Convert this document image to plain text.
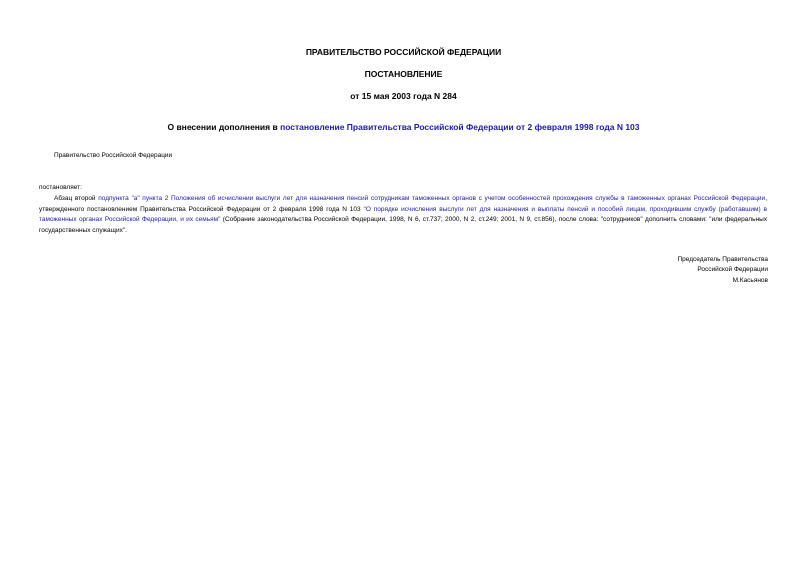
ПРАВИТЕЛЬСТВО РОССИЙСКОЙ ФЕДЕРАЦИИ
ПОСТАНОВЛЕНИЕ
от 15 мая 2003 года N 284
О внесении дополнения в постановление Правительства Российской Федерации от 2 февраля 1998 года N 103
Правительство Российской Федерации
постановляет:
Абзац второй подпункта "а" пункта 2 Положения об исчислении выслуги лет для назначения пенсий сотрудникам таможенных органов с учетом особенностей прохождения службы в таможенных органах Российской Федерации, утвержденного постановлением Правительства Российской Федерации от 2 февраля 1998 года N 103 "О порядке исчисления выслуги лет для назначения и выплаты пенсий и пособий лицам, проходившим службу (работавшим) в таможенных органах Российской Федерации, и их семьям" (Собрание законодательства Российской Федерации, 1998, N 6, ст.737; 2000, N 2, ст.249; 2001, N 9, ст.856), после слова: "сотрудников" дополнить словами: "или федеральных государственных служащих".
Председатель Правительства
Российской Федерации
М.Касьянов
